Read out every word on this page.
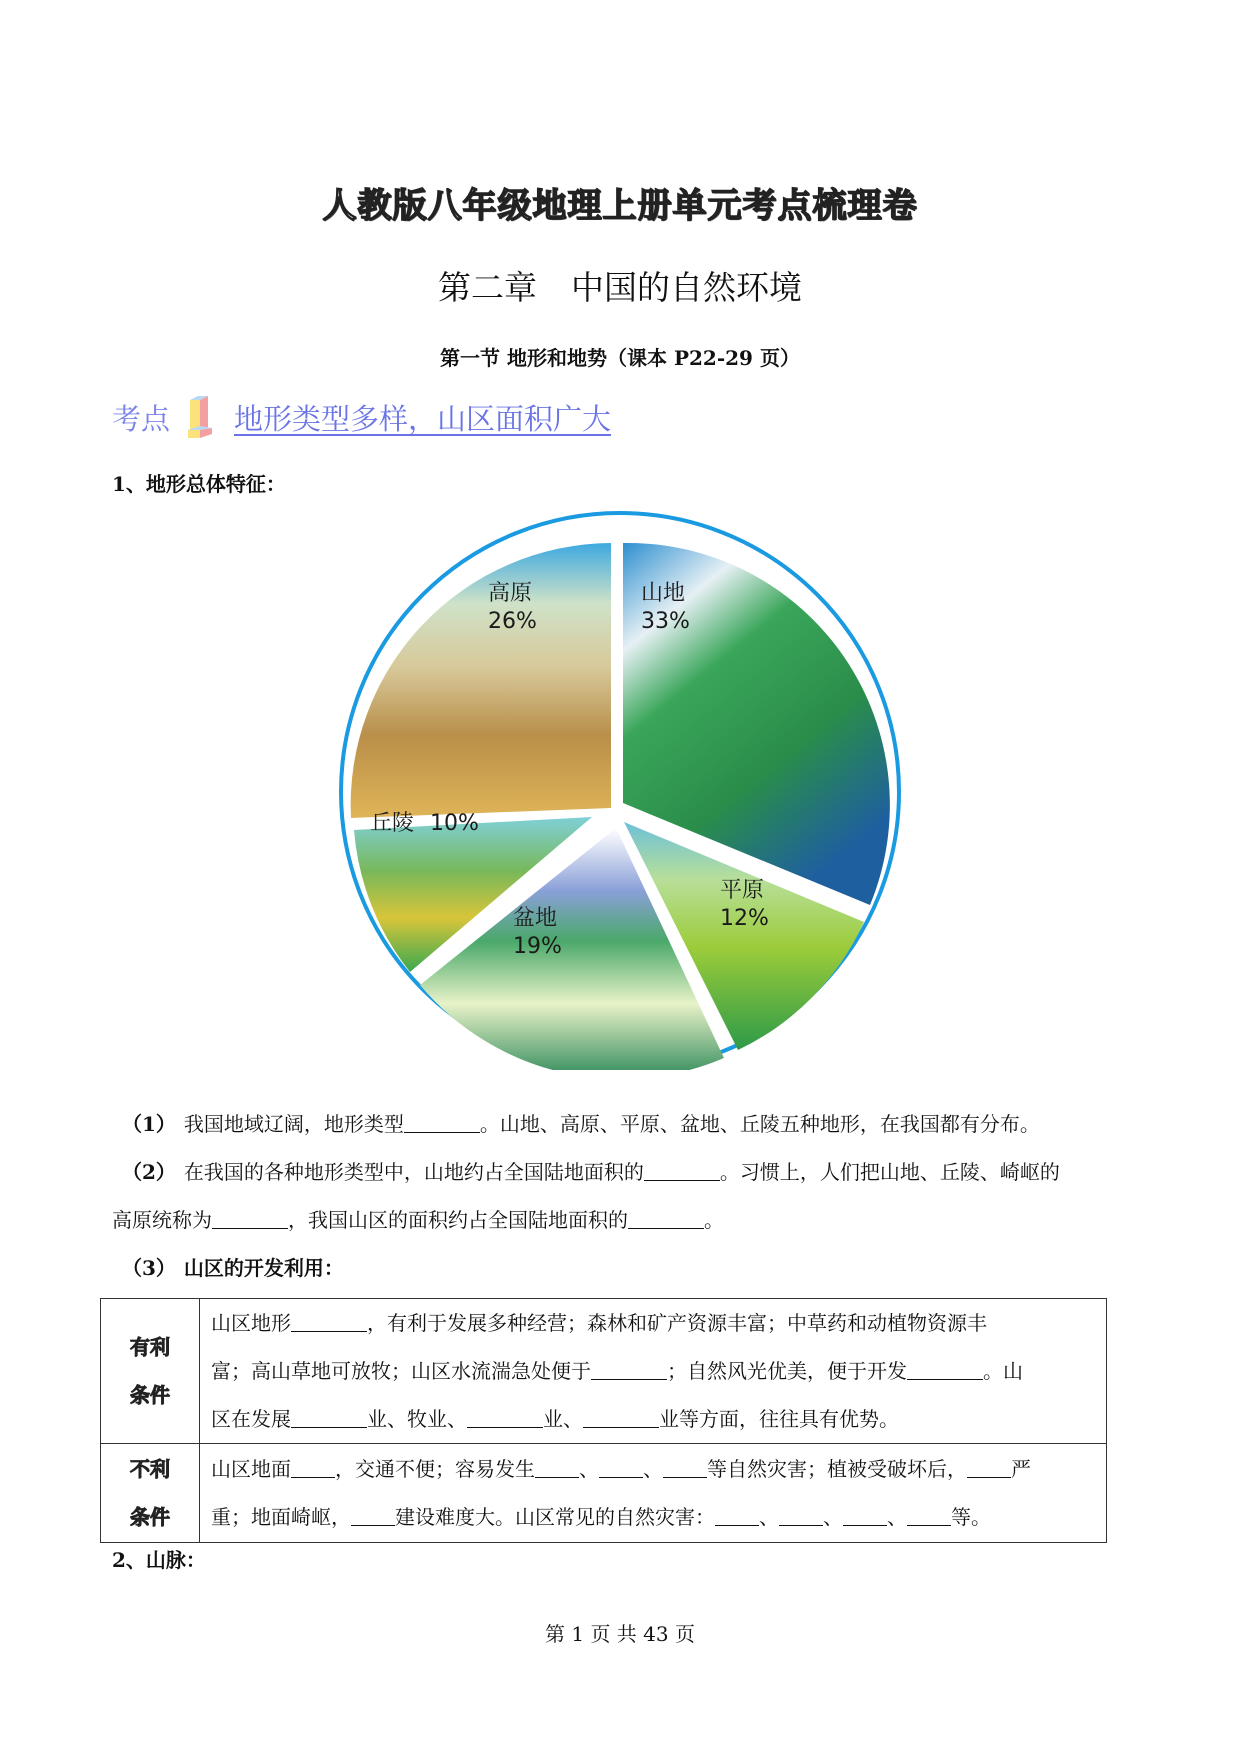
人教版八年级地理上册单元考点梳理卷
第二章 中国的自然环境
第一节 地形和地势（课本 P22-29 页）
考点 地形类型多样，山区面积广大
1、地形总体特征：
高原
26%
山地
33%
丘陵 10%
盆地
19%
平原
12%
（1） 我国地域辽阔，地形类型	。山地、高原、平原、盆地、丘陵五种地形，在我国都有分布。
（2） 在我国的各种地形类型中，山地约占全国陆地面积的	。习惯上，人们把山地、丘陵、崎岖的
高原统称为	，我国山区的面积约占全国陆地面积的	。
（3） 山区的开发利用：
有利
条件
	山区地形	，有利于发展多种经营；森林和矿产资源丰富；中草药和动植物资源丰
富；高山草地可放牧；山区水流湍急处便于	；自然风光优美，便于开发	。山
区在发展	业、牧业、	业、	业等方面，往往具有优势。

不利
条件
	山区地面 ，交通不便；容易发生 、 、 等自然灾害；植被受破坏后， 严
重；地面崎岖， 建设难度大。山区常见的自然灾害： 、 、 、 等。
2、山脉：
第 1 页 共 43 页
